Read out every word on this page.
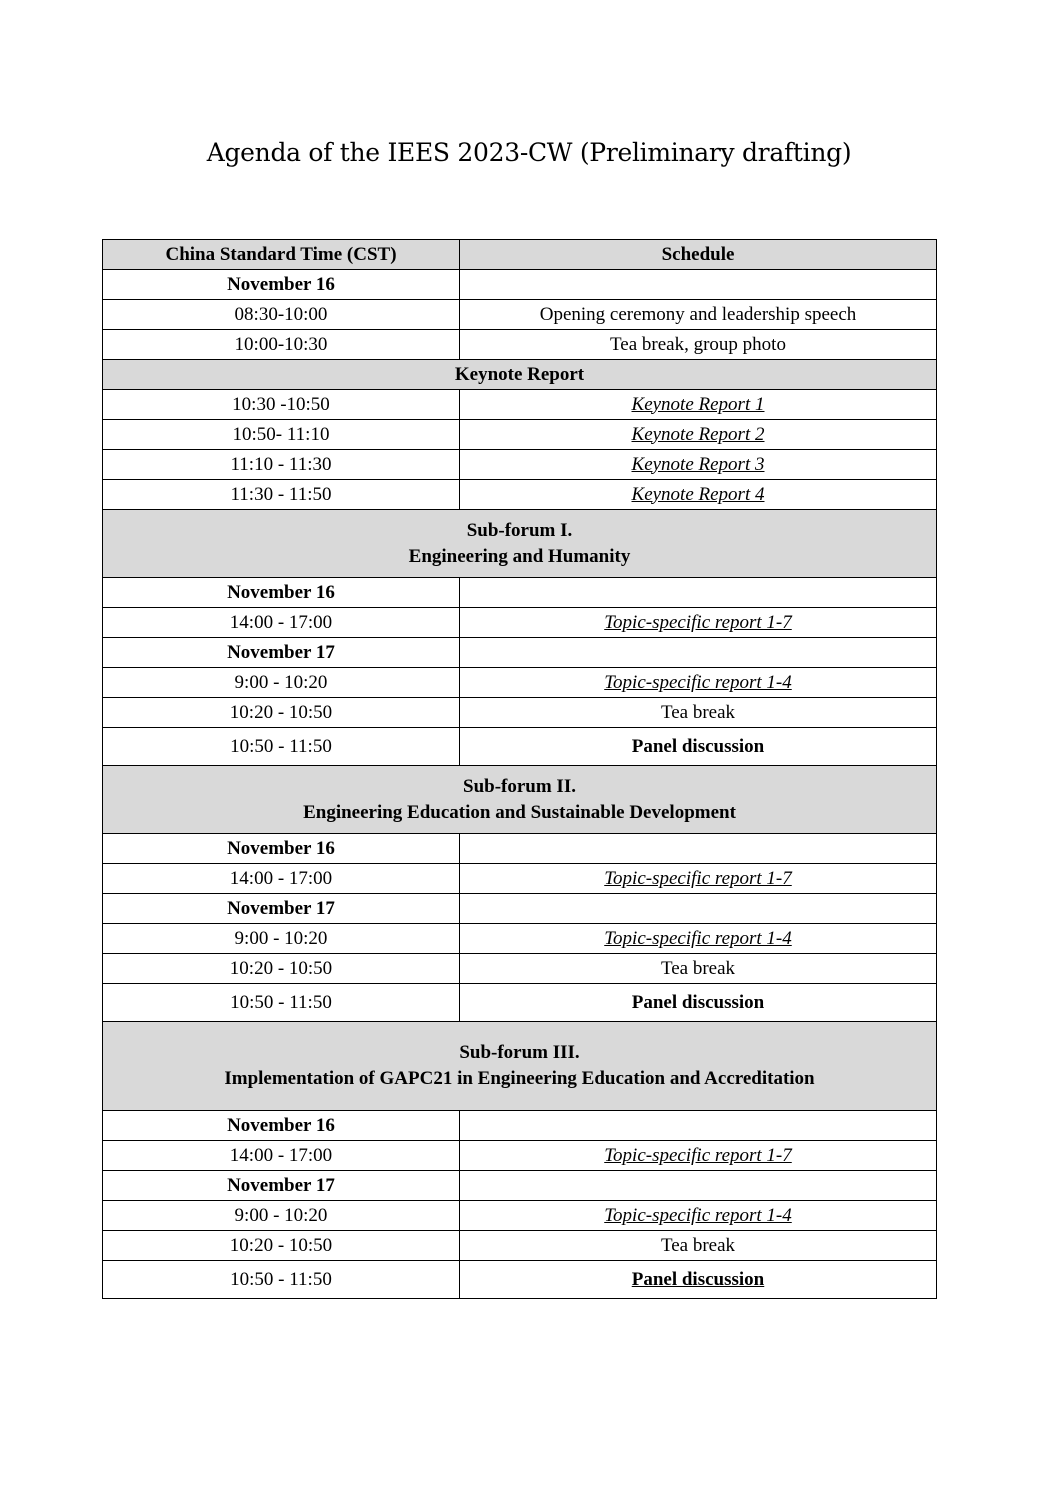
Agenda of the IEES 2023-CW (Preliminary drafting)
China Standard Time (CST)	Schedule
November 16	
08:30-10:00	Opening ceremony and leadership speech
10:00-10:30	Tea break, group photo
Keynote Report	
10:30 -10:50	Keynote Report 1
10:50- 11:10	Keynote Report 2
11:10 - 11:30	Keynote Report 3
11:30 - 11:50	Keynote Report 4

Sub-forum I.
Engineering and Humanity	

November 16	
14:00 - 17:00	Topic-specific report 1-7
November 17	
9:00 - 10:20	Topic-specific report 1-4
10:20 - 10:50	Tea break
10:50 - 11:50	Panel discussion

Sub-forum II.
Engineering Education and Sustainable Development	

November 16	
14:00 - 17:00	Topic-specific report 1-7
November 17	
9:00 - 10:20	Topic-specific report 1-4
10:20 - 10:50	Tea break
10:50 - 11:50	Panel discussion

Sub-forum III.
Implementation of GAPC21 in Engineering Education and Accreditation	

November 16	
14:00 - 17:00	Topic-specific report 1-7
November 17	
9:00 - 10:20	Topic-specific report 1-4
10:20 - 10:50	Tea break
10:50 - 11:50	Panel discussion
